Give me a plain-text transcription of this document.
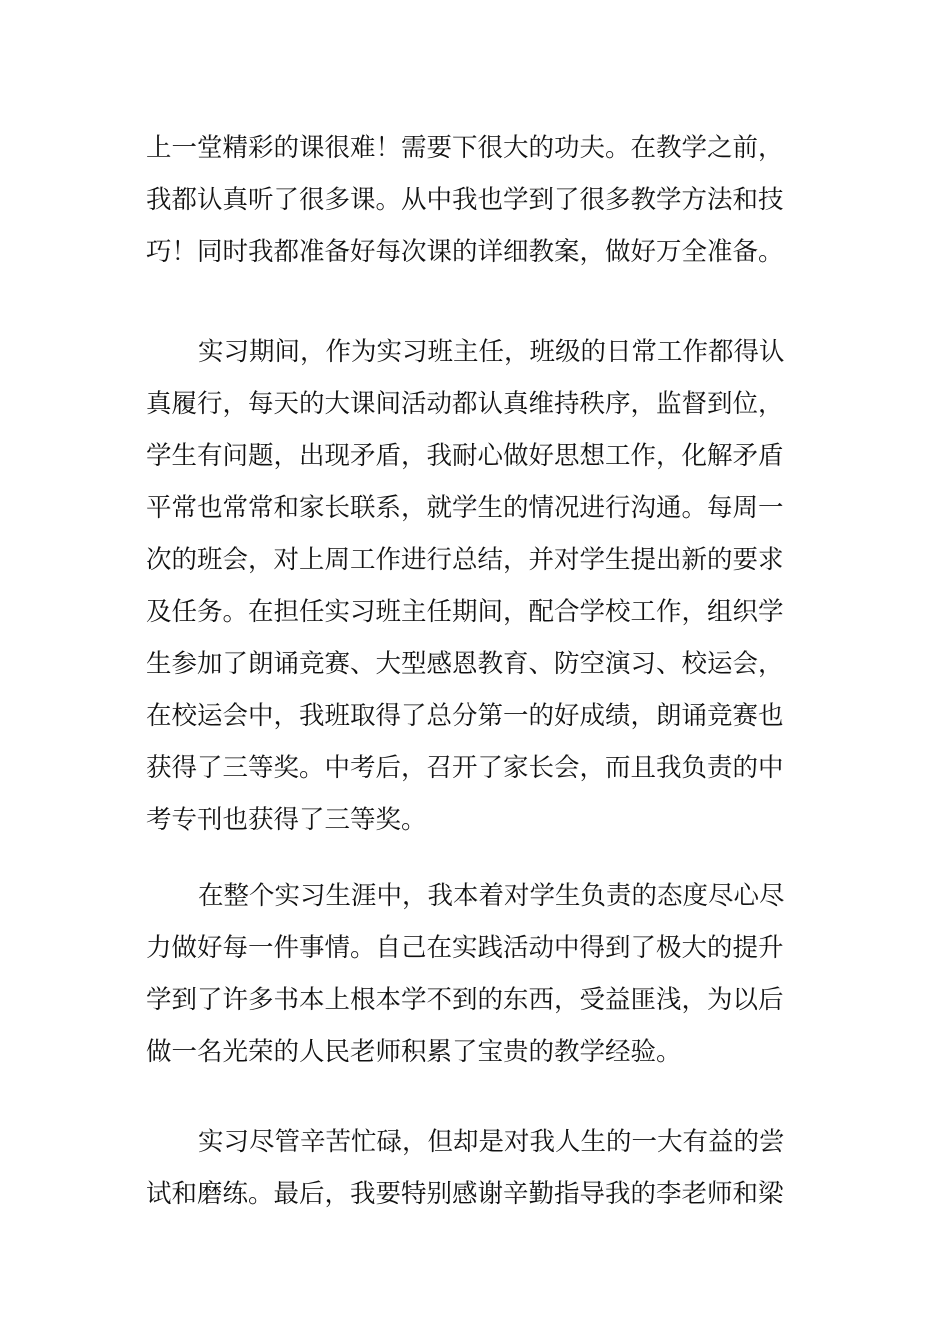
上一堂精彩的课很难！需要下很大的功夫。在教学之前，
我都认真听了很多课。从中我也学到了很多教学方法和技
巧！同时我都准备好每次课的详细教案，做好万全准备。
实习期间，作为实习班主任，班级的日常工作都得认
真履行，每天的大课间活动都认真维持秩序，监督到位，
学生有问题，出现矛盾，我耐心做好思想工作，化解矛盾
平常也常常和家长联系，就学生的情况进行沟通。每周一
次的班会，对上周工作进行总结，并对学生提出新的要求
及任务。在担任实习班主任期间，配合学校工作，组织学
生参加了朗诵竞赛、大型感恩教育、防空演习、校运会，
在校运会中，我班取得了总分第一的好成绩，朗诵竞赛也
获得了三等奖。中考后，召开了家长会，而且我负责的中
考专刊也获得了三等奖。
在整个实习生涯中，我本着对学生负责的态度尽心尽
力做好每一件事情。自己在实践活动中得到了极大的提升
学到了许多书本上根本学不到的东西，受益匪浅，为以后
做一名光荣的人民老师积累了宝贵的教学经验。
实习尽管辛苦忙碌，但却是对我人生的一大有益的尝
试和磨练。最后，我要特别感谢辛勤指导我的李老师和梁
